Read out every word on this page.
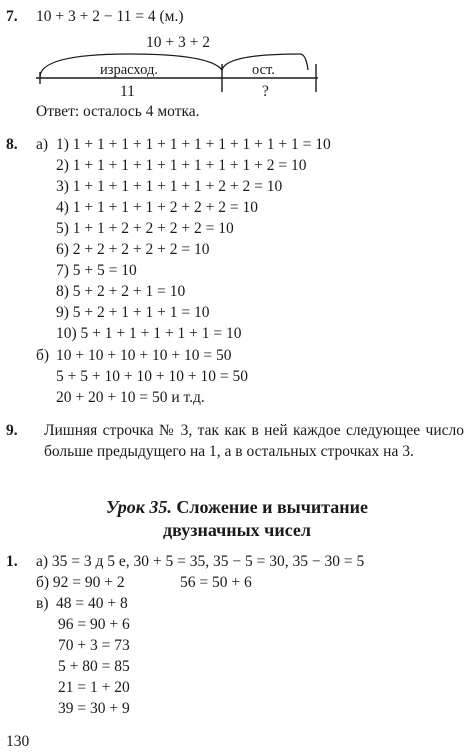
7. 10 + 3 + 2 − 11 = 4 (м.)
10 + 3 + 2
израсход.	ост.
11	?
Ответ: осталось 4 мотка.
8. а) 1) 1 + 1 + 1 + 1 + 1 + 1 + 1 + 1 + 1 + 1 = 10
2) 1 + 1 + 1 + 1 + 1 + 1 + 1 + 1 + 2 = 10
3) 1 + 1 + 1 + 1 + 1 + 1 + 2 + 2 = 10
4) 1 + 1 + 1 + 1 + 2 + 2 + 2 = 10
5) 1 + 1 + 2 + 2 + 2 + 2 = 10
6) 2 + 2 + 2 + 2 + 2 = 10
7) 5 + 5 = 10
8) 5 + 2 + 2 + 1 = 10
9) 5 + 2 + 1 + 1 + 1 = 10
10) 5 + 1 + 1 + 1 + 1 + 1 = 10
б) 10 + 10 + 10 + 10 + 10 = 50
5 + 5 + 10 + 10 + 10 + 10 = 50
20 + 20 + 10 = 50 и т.д.
9. Лишняя строчка № 3, так как в ней каждое следующее число больше предыдущего на 1, а в остальных строчках на 3.
Урок 35. Сложение и вычитание
двузначных чисел
1. а) 35 = 3 д 5 е, 30 + 5 = 35, 35 − 5 = 30, 35 − 30 = 5
б) 92 = 90 + 2	56 = 50 + 6
в) 48 = 40 + 8
96 = 90 + 6
70 + 3 = 73
5 + 80 = 85
21 = 1 + 20
39 = 30 + 9
130
